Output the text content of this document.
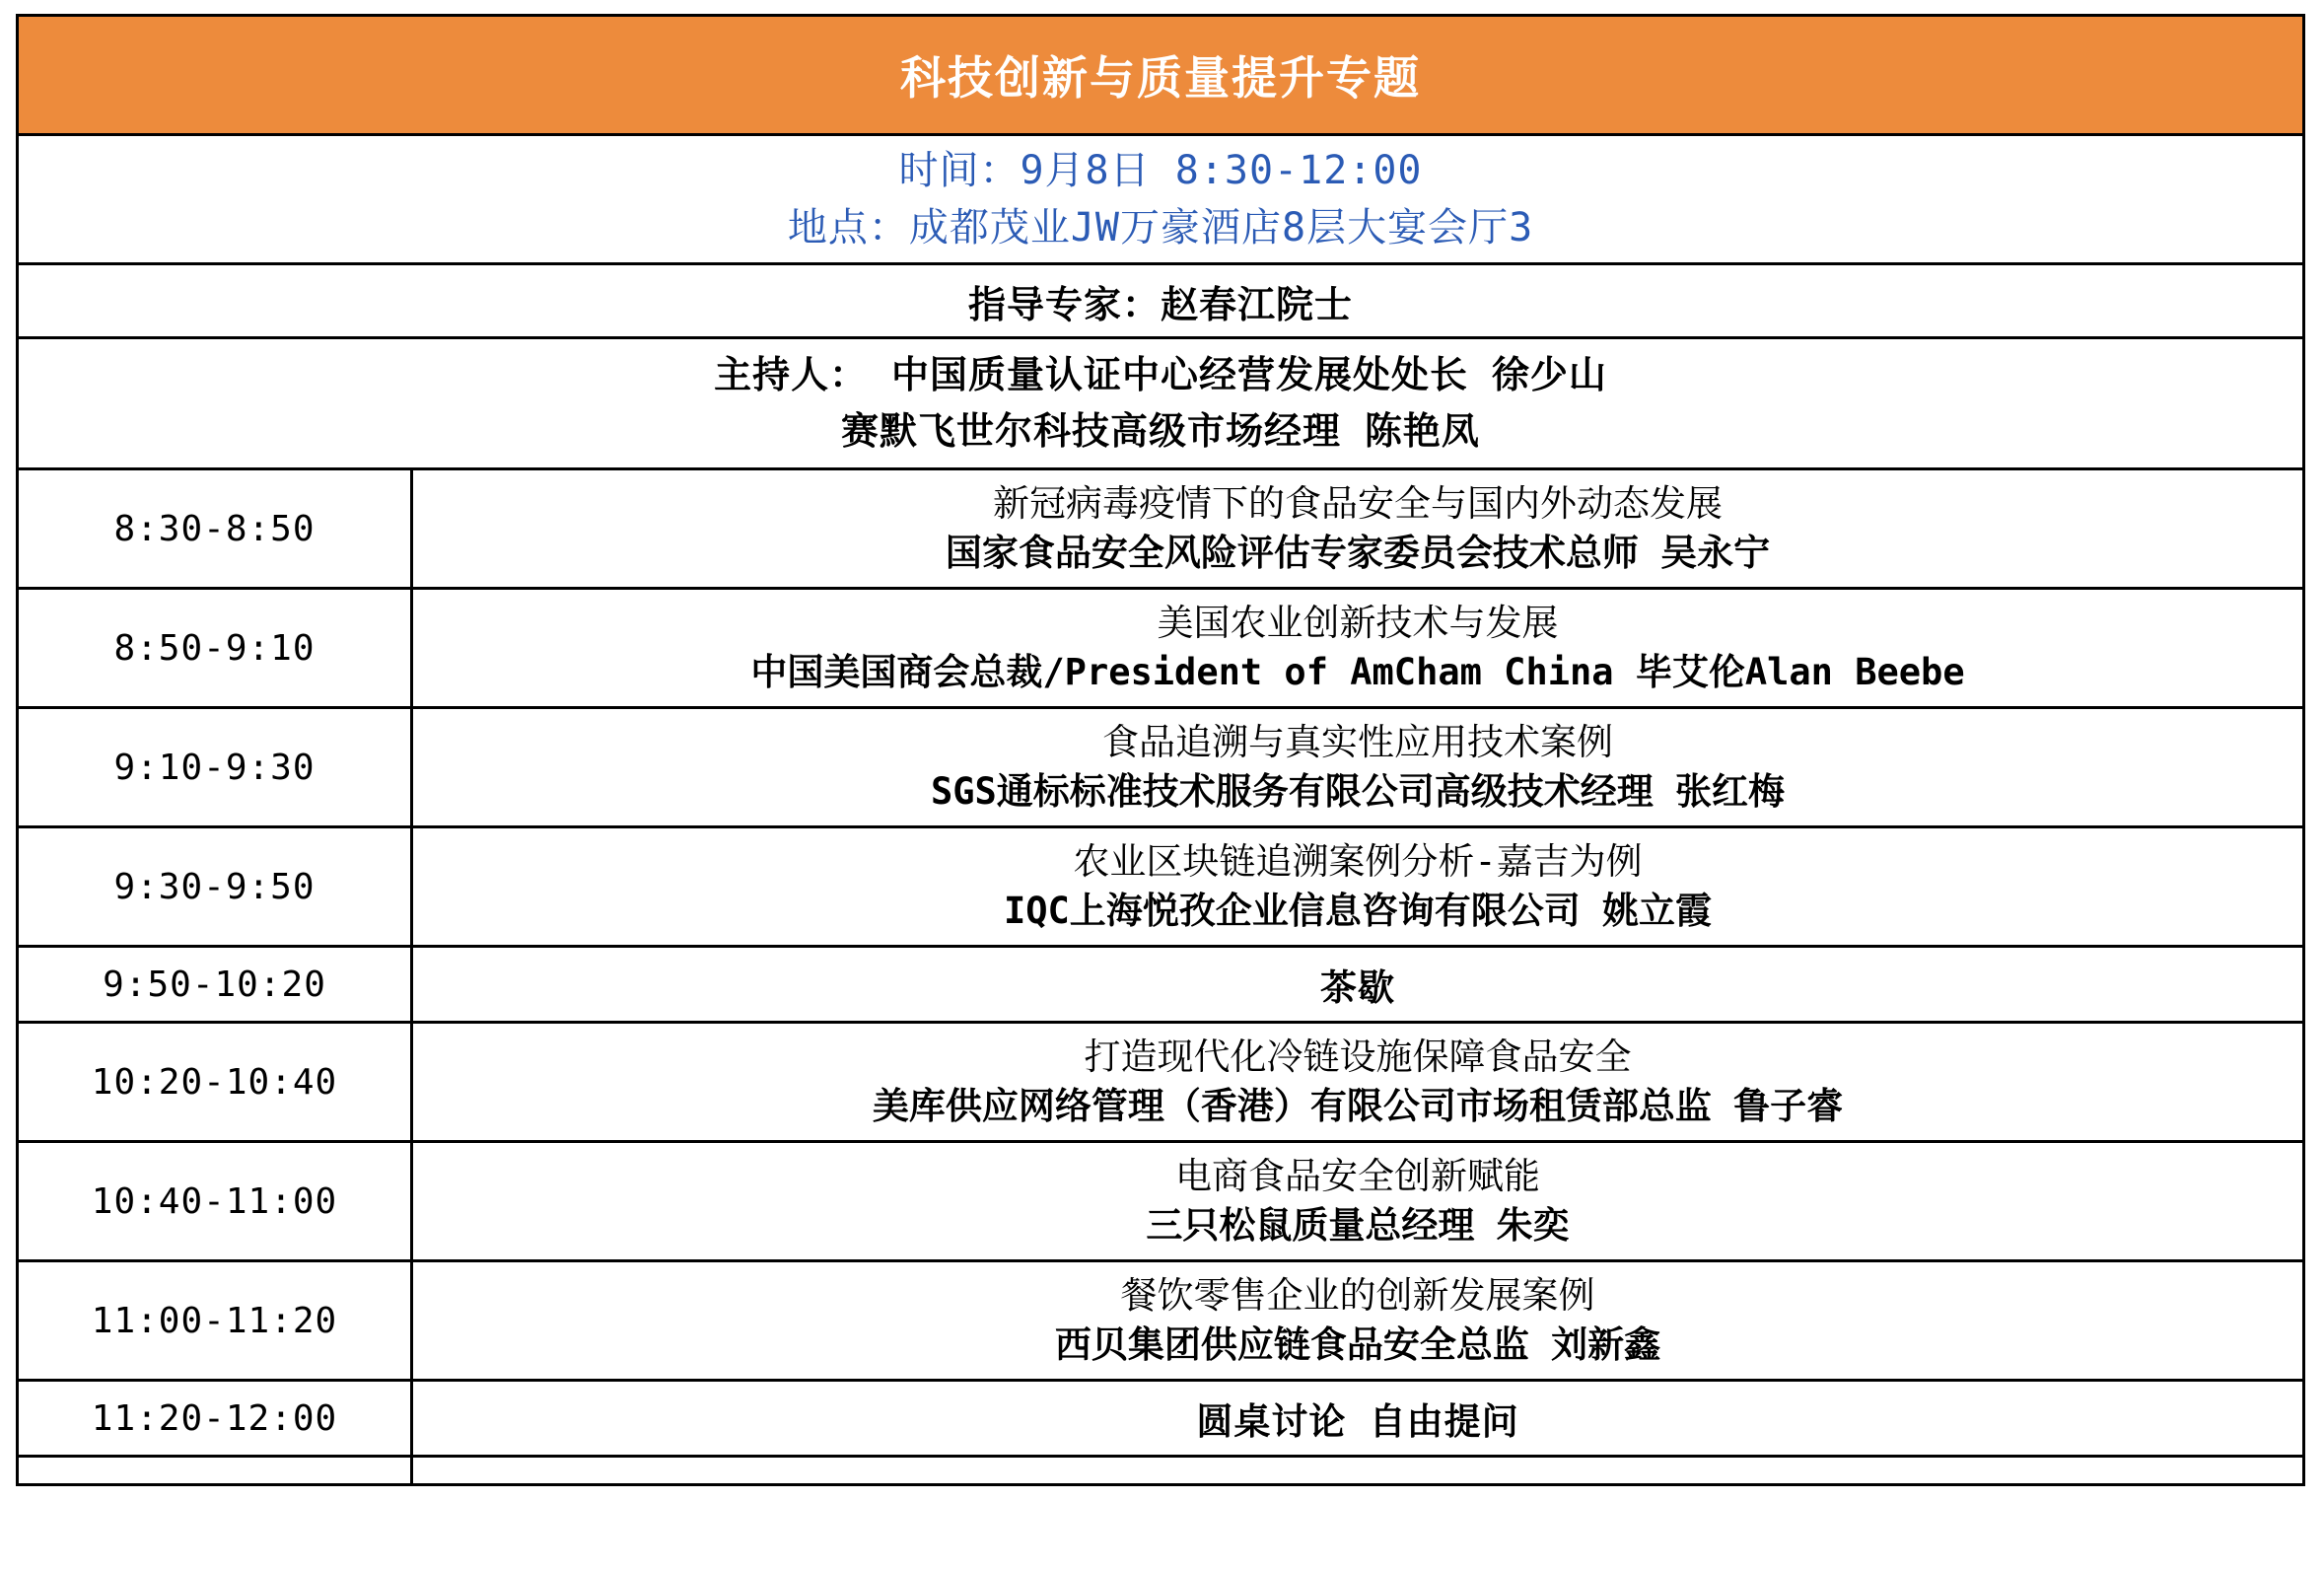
科技创新与质量提升专题	

时间：9月8日 8:30-12:00
地点：成都茂业JW万豪酒店8层大宴会厅3	

指导专家：赵春江院士	

主持人： 中国质量认证中心经营发展处处长 徐少山
赛默飞世尔科技高级市场经理 陈艳凤	

8:30-8:50	新冠病毒疫情下的食品安全与国内外动态发展
国家食品安全风险评估专家委员会技术总师 吴永宁

8:50-9:10	美国农业创新技术与发展
中国美国商会总裁/President of AmCham China 毕艾伦Alan Beebe

9:10-9:30	食品追溯与真实性应用技术案例
SGS通标标准技术服务有限公司高级技术经理 张红梅

9:30-9:50	农业区块链追溯案例分析-嘉吉为例
IQC上海悦孜企业信息咨询有限公司 姚立霞

9:50-10:20	茶歇

10:20-10:40	打造现代化冷链设施保障食品安全
美库供应网络管理（香港）有限公司市场租赁部总监 鲁子睿

10:40-11:00	电商食品安全创新赋能
三只松鼠质量总经理 朱奕

11:00-11:20	餐饮零售企业的创新发展案例
西贝集团供应链食品安全总监 刘新鑫

11:20-12:00	圆桌讨论 自由提问
